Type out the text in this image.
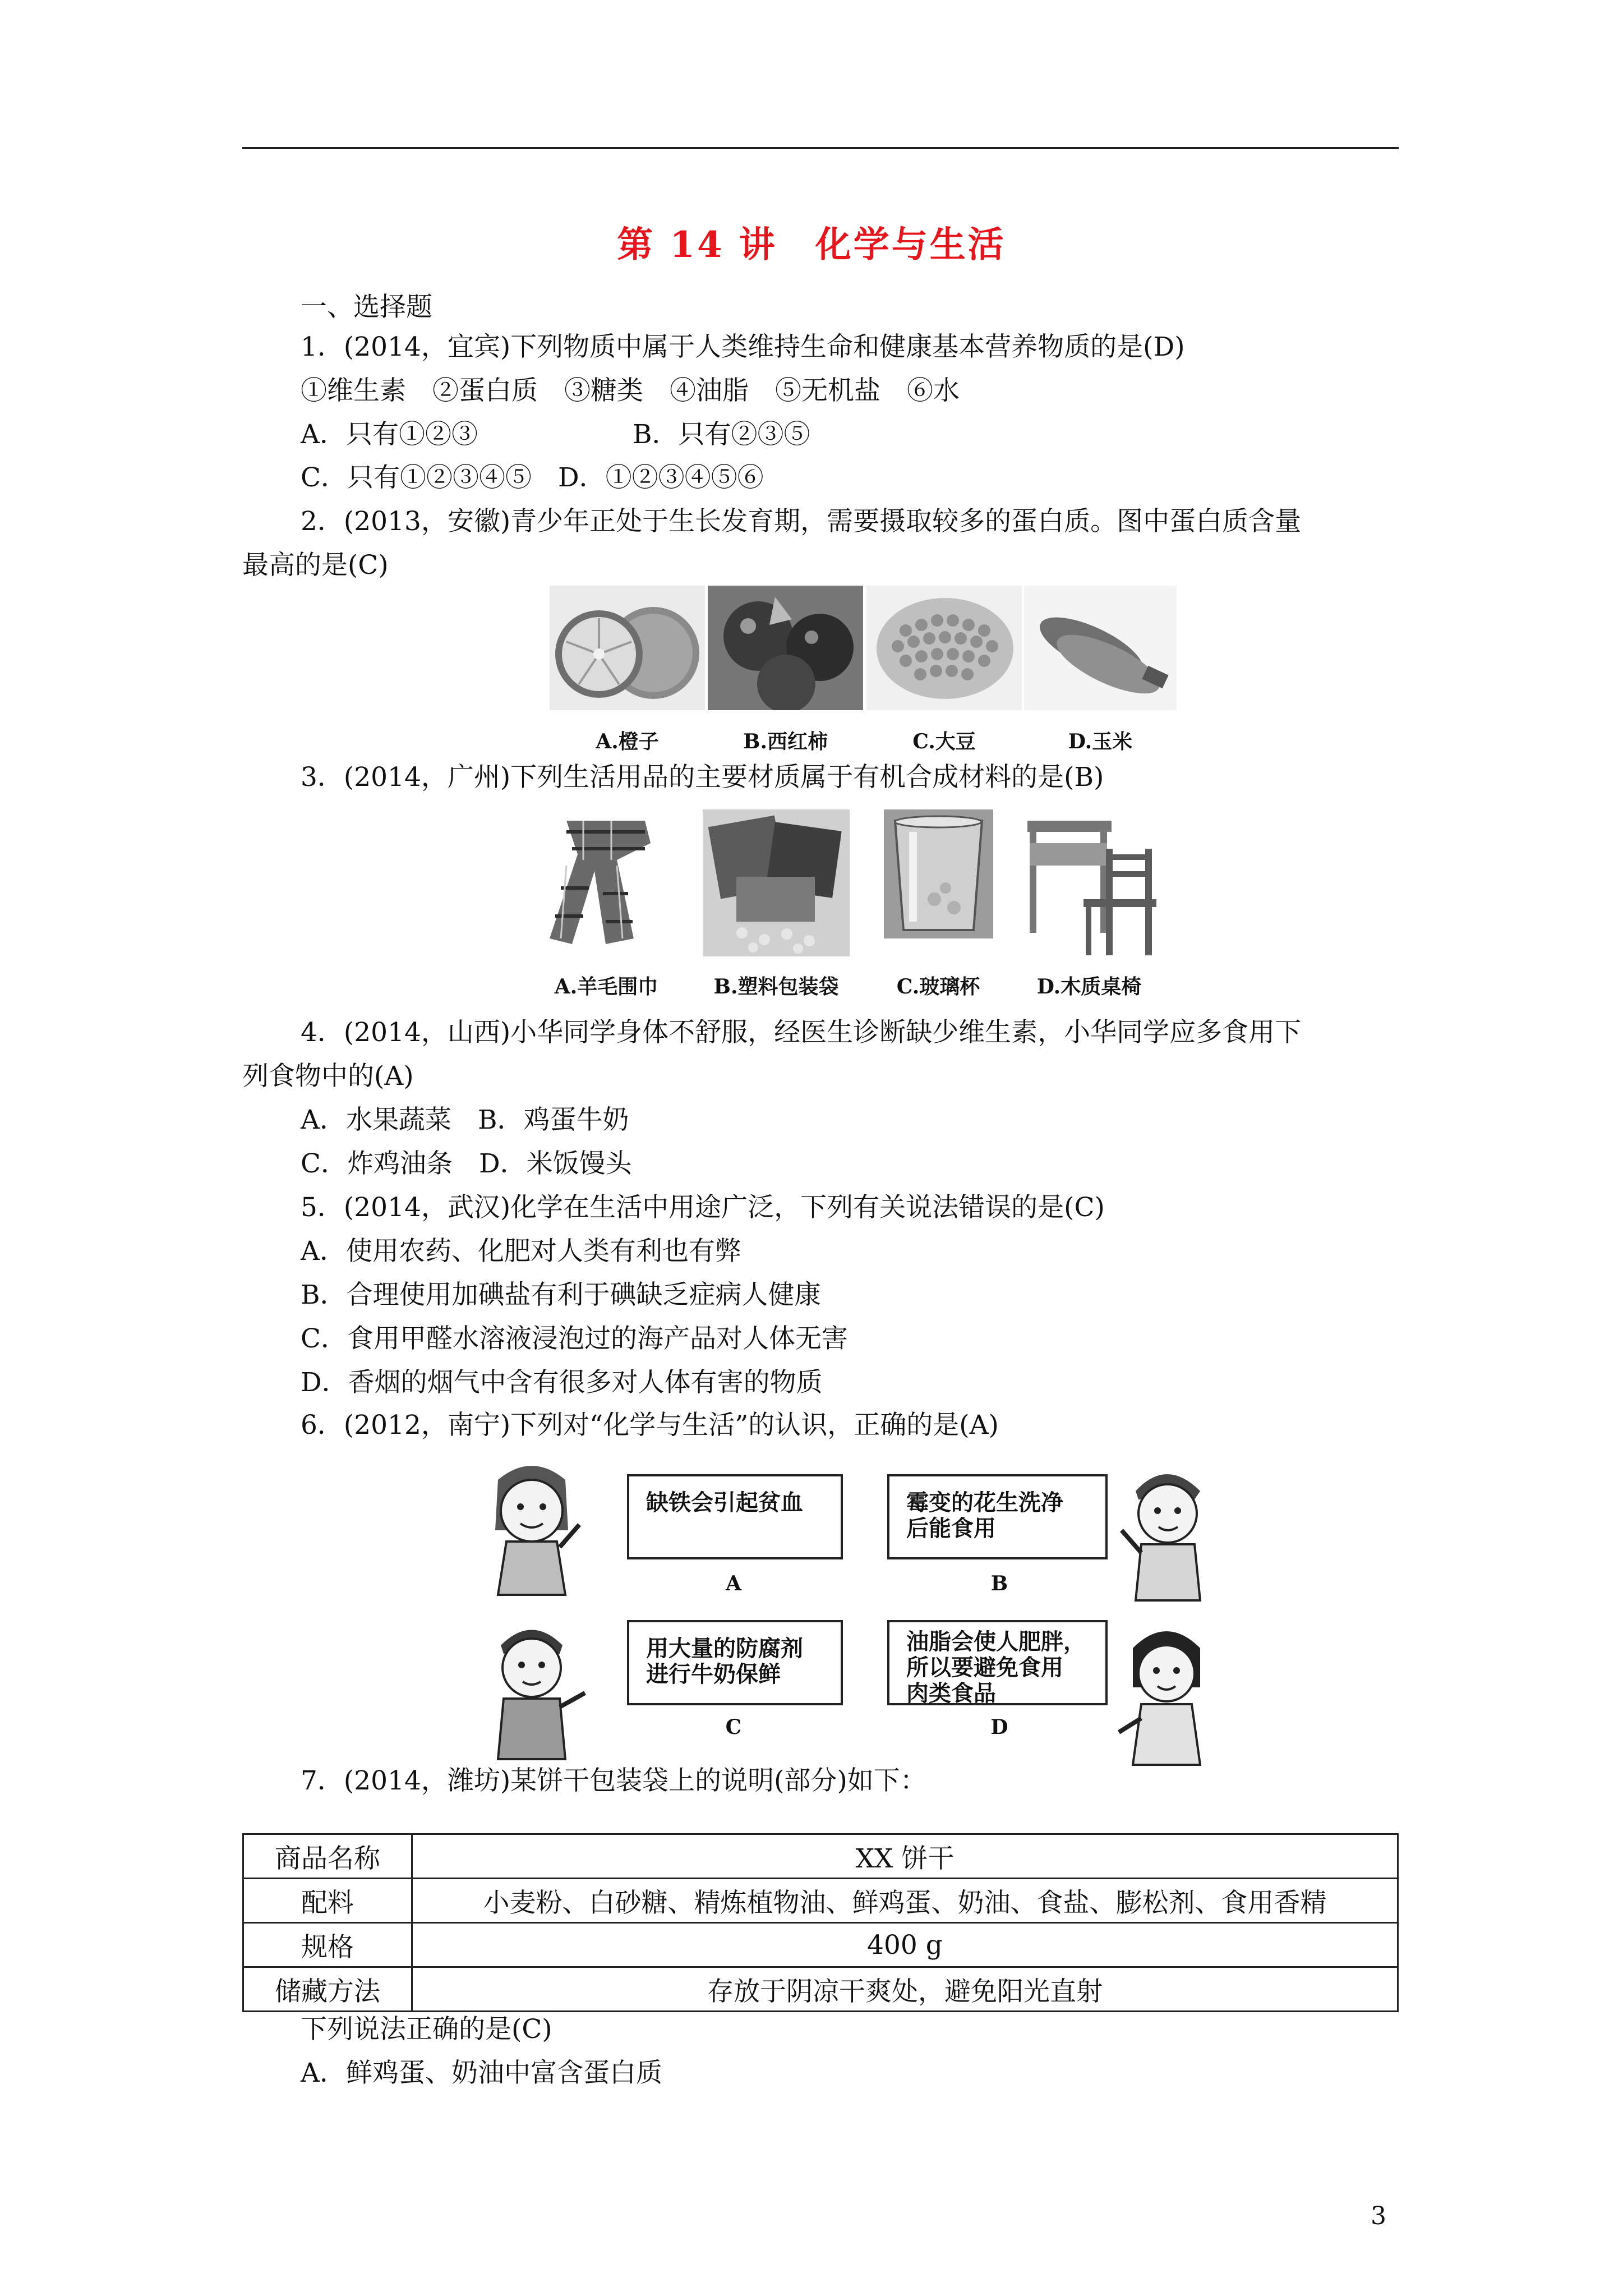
第 14 讲　化学与生活
一、选择题
1．(2014，宜宾)下列物质中属于人类维持生命和健康基本营养物质的是(D)
①维生素　②蛋白质　③糖类　④油脂　⑤无机盐　⑥水
A．只有①②③	B．只有②③⑤
C．只有①②③④⑤　D．①②③④⑤⑥
2．(2013，安徽)青少年正处于生长发育期，需要摄取较多的蛋白质。图中蛋白质含量
最高的是(C)
A.橙子	B.西红柿	C.大豆	D.玉米
3．(2014，广州)下列生活用品的主要材质属于有机合成材料的是(B)
A.羊毛围巾	B.塑料包装袋	C.玻璃杯	D.木质桌椅
4．(2014，山西)小华同学身体不舒服，经医生诊断缺少维生素，小华同学应多食用下
列食物中的(A)
A．水果蔬菜　B．鸡蛋牛奶
C．炸鸡油条　D．米饭馒头
5．(2014，武汉)化学在生活中用途广泛，下列有关说法错误的是(C)
A．使用农药、化肥对人类有利也有弊
B．合理使用加碘盐有利于碘缺乏症病人健康
C．食用甲醛水溶液浸泡过的海产品对人体无害
D．香烟的烟气中含有很多对人体有害的物质
6．(2012，南宁)下列对“化学与生活”的认识，正确的是(A)
缺铁会引起贫血
A
霉变的花生洗净
后能食用
B
用大量的防腐剂
进行牛奶保鲜
C
油脂会使人肥胖，
所以要避免食用
肉类食品
D
7．(2014，潍坊)某饼干包装袋上的说明(部分)如下：
商品名称	XX 饼干
配料	小麦粉、白砂糖、精炼植物油、鲜鸡蛋、奶油、食盐、膨松剂、食用香精
规格	400 g
储藏方法	存放于阴凉干爽处，避免阳光直射
下列说法正确的是(C)
A．鲜鸡蛋、奶油中富含蛋白质
3
